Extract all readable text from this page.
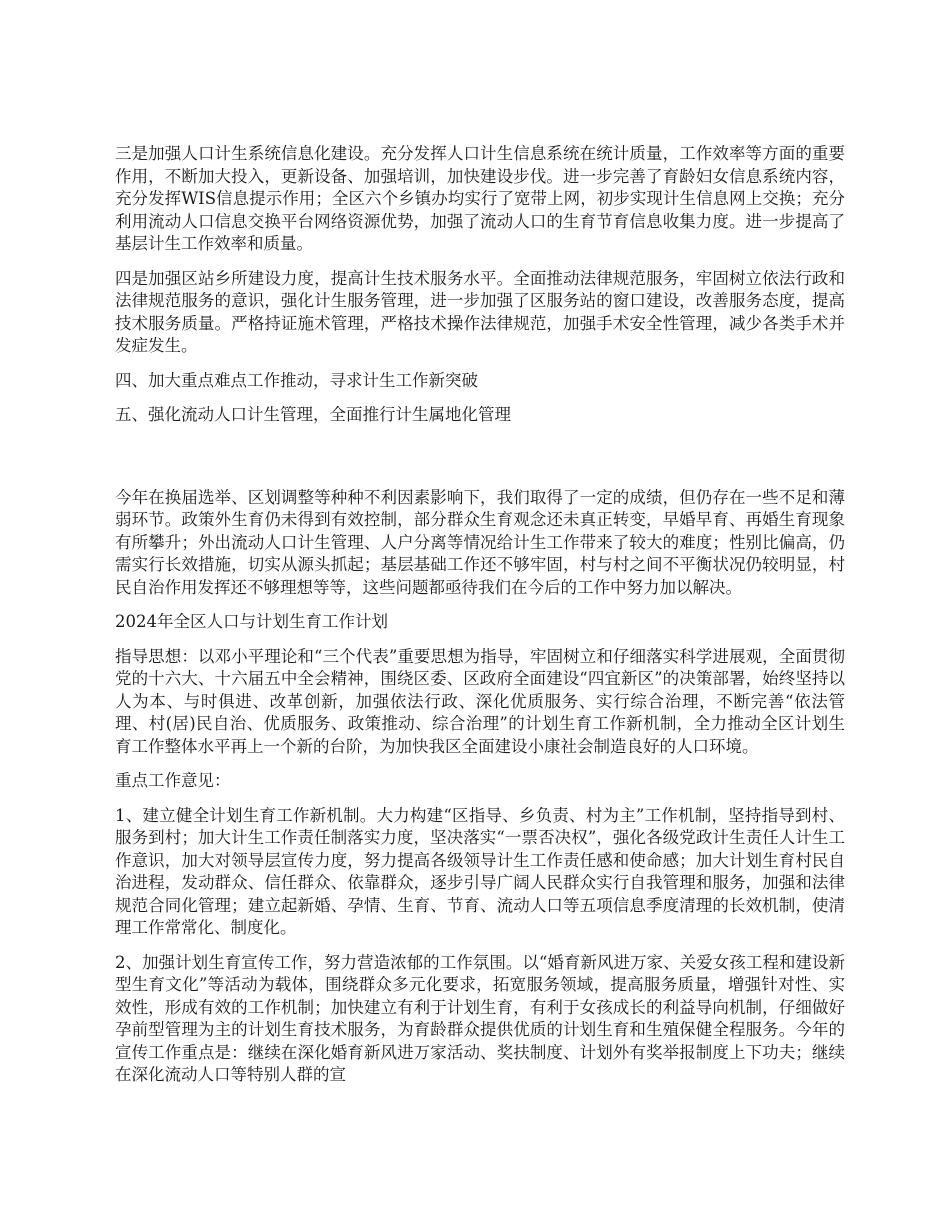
三是加强人口计生系统信息化建设。充分发挥人口计生信息系统在统计质量，工作效率等方面的重要作用，不断加大投入，更新设备、加强培训，加快建设步伐。进一步完善了育龄妇女信息系统内容，充分发挥WIS信息提示作用；全区六个乡镇办均实行了宽带上网，初步实现计生信息网上交换；充分利用流动人口信息交换平台网络资源优势，加强了流动人口的生育节育信息收集力度。进一步提高了基层计生工作效率和质量。

四是加强区站乡所建设力度，提高计生技术服务水平。全面推动法律规范服务，牢固树立依法行政和法律规范服务的意识，强化计生服务管理，进一步加强了区服务站的窗口建设，改善服务态度，提高技术服务质量。严格持证施术管理，严格技术操作法律规范，加强手术安全性管理，减少各类手术并发症发生。

四、加大重点难点工作推动，寻求计生工作新突破

五、强化流动人口计生管理，全面推行计生属地化管理

今年在换届选举、区划调整等种种不利因素影响下，我们取得了一定的成绩，但仍存在一些不足和薄弱环节。政策外生育仍未得到有效控制，部分群众生育观念还未真正转变，早婚早育、再婚生育现象有所攀升；外出流动人口计生管理、人户分离等情况给计生工作带来了较大的难度；性别比偏高，仍需实行长效措施，切实从源头抓起；基层基础工作还不够牢固，村与村之间不平衡状况仍较明显，村民自治作用发挥还不够理想等等，这些问题都亟待我们在今后的工作中努力加以解决。

2024年全区人口与计划生育工作计划

指导思想：以邓小平理论和“三个代表”重要思想为指导，牢固树立和仔细落实科学进展观，全面贯彻党的十六大、十六届五中全会精神，围绕区委、区政府全面建设“四宜新区”的决策部署，始终坚持以人为本、与时俱进、改革创新，加强依法行政、深化优质服务、实行综合治理，不断完善“依法管理、村(居)民自治、优质服务、政策推动、综合治理”的计划生育工作新机制，全力推动全区计划生育工作整体水平再上一个新的台阶，为加快我区全面建设小康社会制造良好的人口环境。

重点工作意见：

1、建立健全计划生育工作新机制。大力构建“区指导、乡负责、村为主”工作机制，坚持指导到村、服务到村；加大计生工作责任制落实力度，坚决落实“一票否决权”，强化各级党政计生责任人计生工作意识，加大对领导层宣传力度，努力提高各级领导计生工作责任感和使命感；加大计划生育村民自治进程，发动群众、信任群众、依靠群众，逐步引导广阔人民群众实行自我管理和服务，加强和法律规范合同化管理；建立起新婚、孕情、生育、节育、流动人口等五项信息季度清理的长效机制，使清理工作常常化、制度化。

2、加强计划生育宣传工作，努力营造浓郁的工作氛围。以“婚育新风进万家、关爱女孩工程和建设新型生育文化”等活动为载体，围绕群众多元化要求，拓宽服务领域，提高服务质量，增强针对性、实效性，形成有效的工作机制；加快建立有利于计划生育，有利于女孩成长的利益导向机制，仔细做好孕前型管理为主的计划生育技术服务，为育龄群众提供优质的计划生育和生殖保健全程服务。今年的宣传工作重点是：继续在深化婚育新风进万家活动、奖扶制度、计划外有奖举报制度上下功夫；继续在深化流动人口等特别人群的宣
